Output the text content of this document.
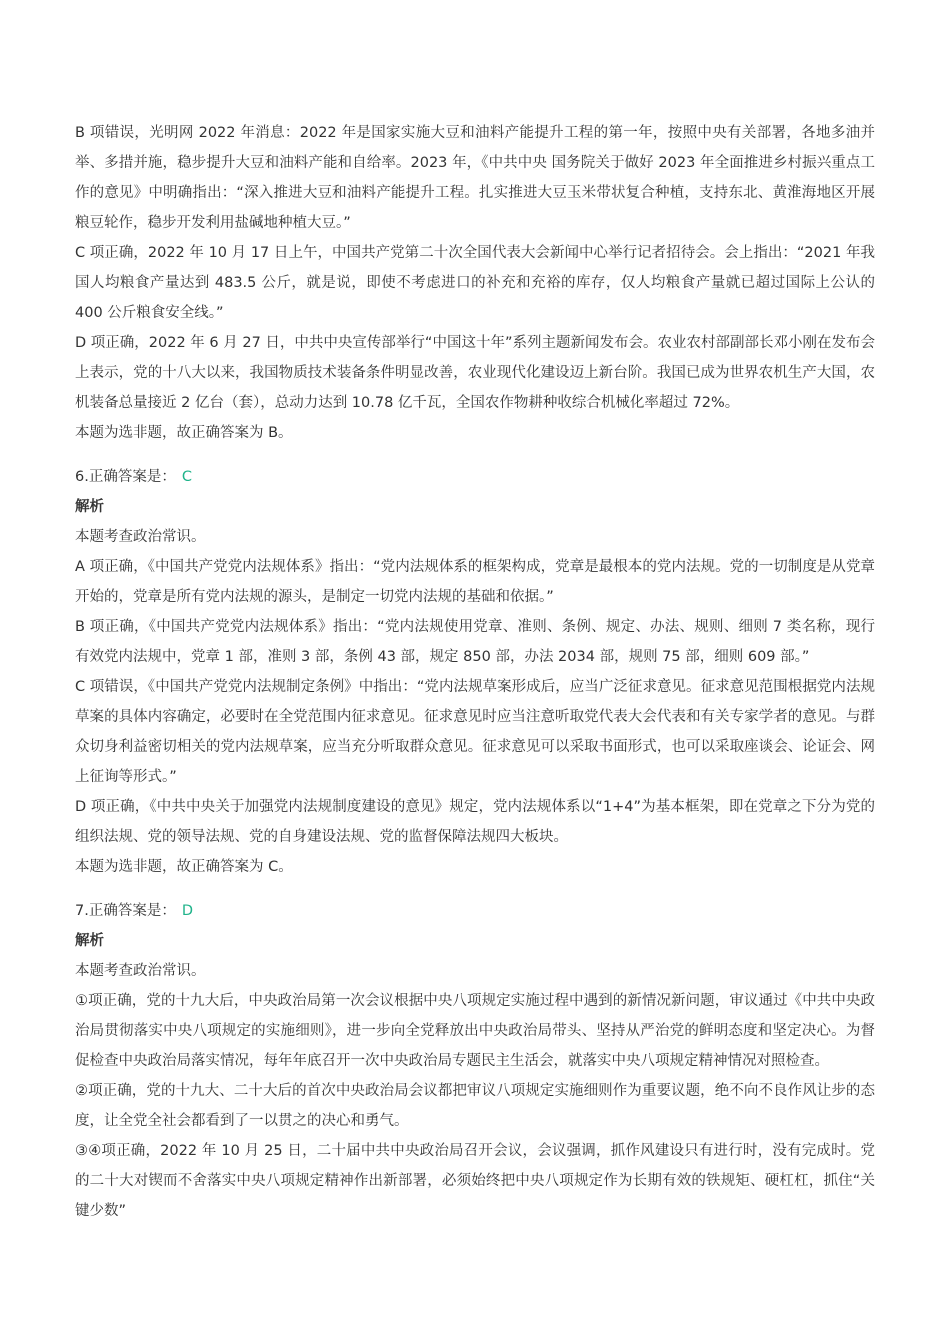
B 项错误，光明网 2022 年消息：2022 年是国家实施大豆和油料产能提升工程的第一年，按照中央有关部署，各地多油并举、多措并施，稳步提升大豆和油料产能和自给率。2023 年，《中共中央 国务院关于做好 2023 年全面推进乡村振兴重点工作的意见》中明确指出：“深入推进大豆和油料产能提升工程。扎实推进大豆玉米带状复合种植，支持东北、黄淮海地区开展粮豆轮作，稳步开发利用盐碱地种植大豆。”

C 项正确，2022 年 10 月 17 日上午，中国共产党第二十次全国代表大会新闻中心举行记者招待会。会上指出：“2021 年我国人均粮食产量达到 483.5 公斤，就是说，即使不考虑进口的补充和充裕的库存，仅人均粮食产量就已超过国际上公认的 400 公斤粮食安全线。”

D 项正确，2022 年 6 月 27 日，中共中央宣传部举行“中国这十年”系列主题新闻发布会。农业农村部副部长邓小刚在发布会上表示，党的十八大以来，我国物质技术装备条件明显改善，农业现代化建设迈上新台阶。我国已成为世界农机生产大国，农机装备总量接近 2 亿台（套），总动力达到 10.78 亿千瓦，全国农作物耕种收综合机械化率超过 72%。

本题为选非题，故正确答案为 B。

6.正确答案是： C

解析

本题考查政治常识。

A 项正确，《中国共产党党内法规体系》指出：“党内法规体系的框架构成，党章是最根本的党内法规。党的一切制度是从党章开始的，党章是所有党内法规的源头，是制定一切党内法规的基础和依据。”

B 项正确，《中国共产党党内法规体系》指出：“党内法规使用党章、准则、条例、规定、办法、规则、细则 7 类名称，现行有效党内法规中，党章 1 部，准则 3 部，条例 43 部，规定 850 部，办法 2034 部，规则 75 部，细则 609 部。”

C 项错误，《中国共产党党内法规制定条例》中指出：“党内法规草案形成后，应当广泛征求意见。征求意见范围根据党内法规草案的具体内容确定，必要时在全党范围内征求意见。征求意见时应当注意听取党代表大会代表和有关专家学者的意见。与群众切身利益密切相关的党内法规草案，应当充分听取群众意见。征求意见可以采取书面形式，也可以采取座谈会、论证会、网上征询等形式。”

D 项正确，《中共中央关于加强党内法规制度建设的意见》规定，党内法规体系以“1+4”为基本框架，即在党章之下分为党的组织法规、党的领导法规、党的自身建设法规、党的监督保障法规四大板块。

本题为选非题，故正确答案为 C。

7.正确答案是： D

解析

本题考查政治常识。

①项正确，党的十九大后，中央政治局第一次会议根据中央八项规定实施过程中遇到的新情况新问题，审议通过《中共中央政治局贯彻落实中央八项规定的实施细则》，进一步向全党释放出中央政治局带头、坚持从严治党的鲜明态度和坚定决心。为督促检查中央政治局落实情况，每年年底召开一次中央政治局专题民主生活会，就落实中央八项规定精神情况对照检查。

②项正确，党的十九大、二十大后的首次中央政治局会议都把审议八项规定实施细则作为重要议题，绝不向不良作风让步的态度，让全党全社会都看到了一以贯之的决心和勇气。

③④项正确，2022 年 10 月 25 日，二十届中共中央政治局召开会议，会议强调，抓作风建设只有进行时，没有完成时。党的二十大对锲而不舍落实中央八项规定精神作出新部署，必须始终把中央八项规定作为长期有效的铁规矩、硬杠杠，抓住“关键少数”
